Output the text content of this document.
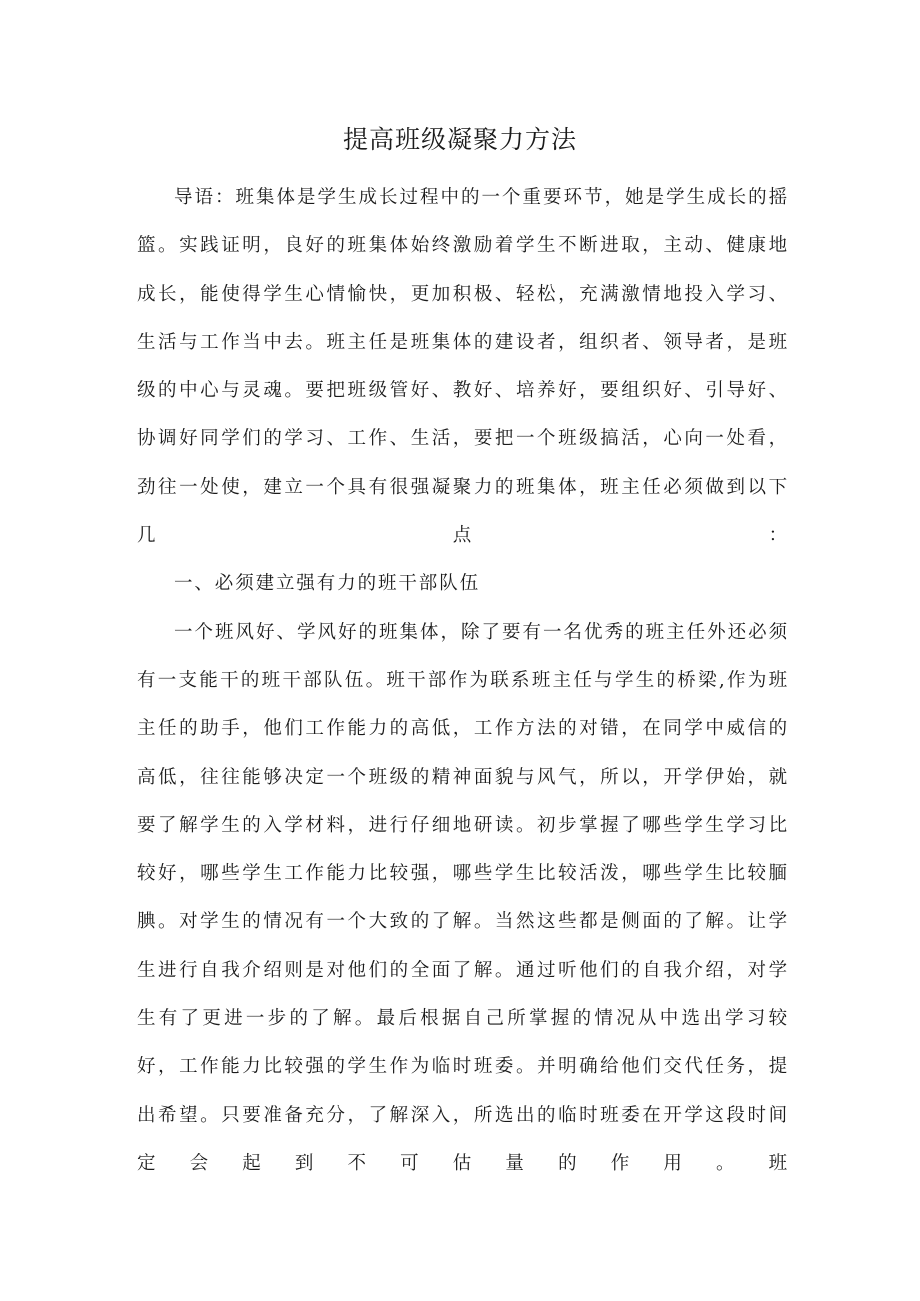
提高班级凝聚力方法

导语：班集体是学生成长过程中的一个重要环节，她是学生成长的摇篮。实践证明，良好的班集体始终激励着学生不断进取，主动、健康地成长，能使得学生心情愉快，更加积极、轻松，充满激情地投入学习、生活与工作当中去。班主任是班集体的建设者，组织者、领导者，是班级的中心与灵魂。要把班级管好、教好、培养好，要组织好、引导好、协调好同学们的学习、工作、生活，要把一个班级搞活，心向一处看，劲往一处使，建立一个具有很强凝聚力的班集体，班主任必须做到以下几点：

一、必须建立强有力的班干部队伍

一个班风好、学风好的班集体，除了要有一名优秀的班主任外还必须有一支能干的班干部队伍。班干部作为联系班主任与学生的桥梁,作为班主任的助手，他们工作能力的高低，工作方法的对错，在同学中威信的高低，往往能够决定一个班级的精神面貌与风气，所以，开学伊始，就要了解学生的入学材料，进行仔细地研读。初步掌握了哪些学生学习比较好，哪些学生工作能力比较强，哪些学生比较活泼，哪些学生比较腼腆。对学生的情况有一个大致的了解。当然这些都是侧面的了解。让学生进行自我介绍则是对他们的全面了解。通过听他们的自我介绍，对学生有了更进一步的了解。最后根据自己所掌握的情况从中选出学习较好，工作能力比较强的学生作为临时班委。并明确给他们交代任务，提出希望。只要准备充分，了解深入，所选出的临时班委在开学这段时间定会起到不可估量的作用。班
